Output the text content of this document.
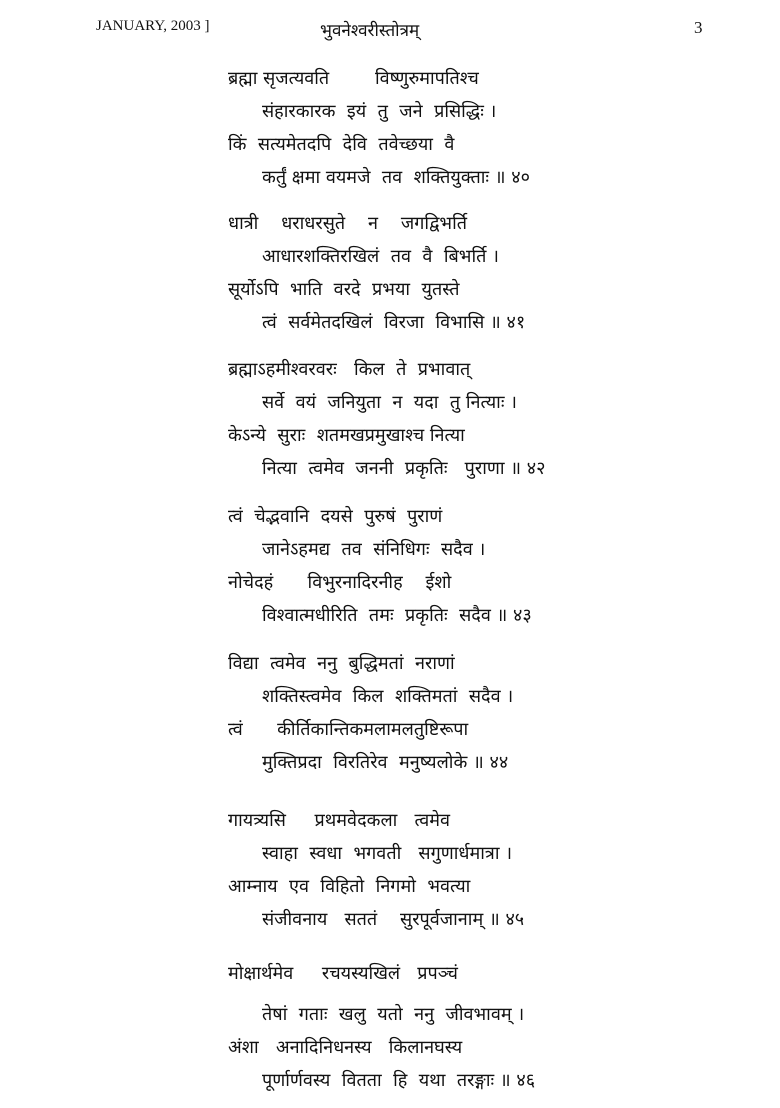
JANUARY, 2003 ]	भुवनेश्वरीस्तोत्रम्	3
ब्रह्मा सृजत्यवति        विष्णुरुमापतिश्च
संहारकारक  इयं  तु  जने  प्रसिद्धिः ।
किं  सत्यमेतदपि  देवि  तवेच्छया  वै
कर्तुं क्षमा वयमजे  तव  शक्तियुक्ताः ॥ ४०
धात्री    धराधरसुते    न    जगद्विभर्ति
आधारशक्तिरखिलं  तव  वै  बिभर्ति ।
सूर्योऽपि  भाति  वरदे  प्रभया  युतस्ते
त्वं  सर्वमेतदखिलं  विरजा  विभासि ॥ ४१
ब्रह्माऽहमीश्वरवरः   किल  ते  प्रभावात्
सर्वे  वयं  जनियुता  न  यदा  तु नित्याः ।
केऽन्ये  सुराः  शतमखप्रमुखाश्च नित्या
नित्या  त्वमेव  जननी  प्रकृतिः   पुराणा ॥ ४२
त्वं  चेद्भवानि  दयसे  पुरुषं  पुराणं
जानेऽहमद्य  तव  संनिधिगः  सदैव ।
नोचेदहं      विभुरनादिरनीह    ईशो
विश्वात्मधीरिति  तमः  प्रकृतिः  सदैव ॥ ४३
विद्या  त्वमेव  ननु  बुद्धिमतां  नराणां
शक्तिस्त्वमेव  किल  शक्तिमतां  सदैव ।
त्वं      कीर्तिकान्तिकमलामलतुष्टिरूपा
मुक्तिप्रदा  विरतिरेव  मनुष्यलोके ॥ ४४
गायत्र्यसि     प्रथमवेदकला   त्वमेव
स्वाहा  स्वधा  भगवती   सगुणार्धमात्रा ।
आम्नाय  एव  विहितो  निगमो  भवत्या
संजीवनाय   सततं    सुरपूर्वजानाम् ॥ ४५
मोक्षार्थमेव     रचयस्यखिलं   प्रपञ्चं
तेषां  गताः  खलु  यतो  ननु  जीवभावम् ।
अंशा   अनादिनिधनस्य   किलानघस्य
पूर्णार्णवस्य  वितता  हि  यथा  तरङ्गाः ॥ ४६
